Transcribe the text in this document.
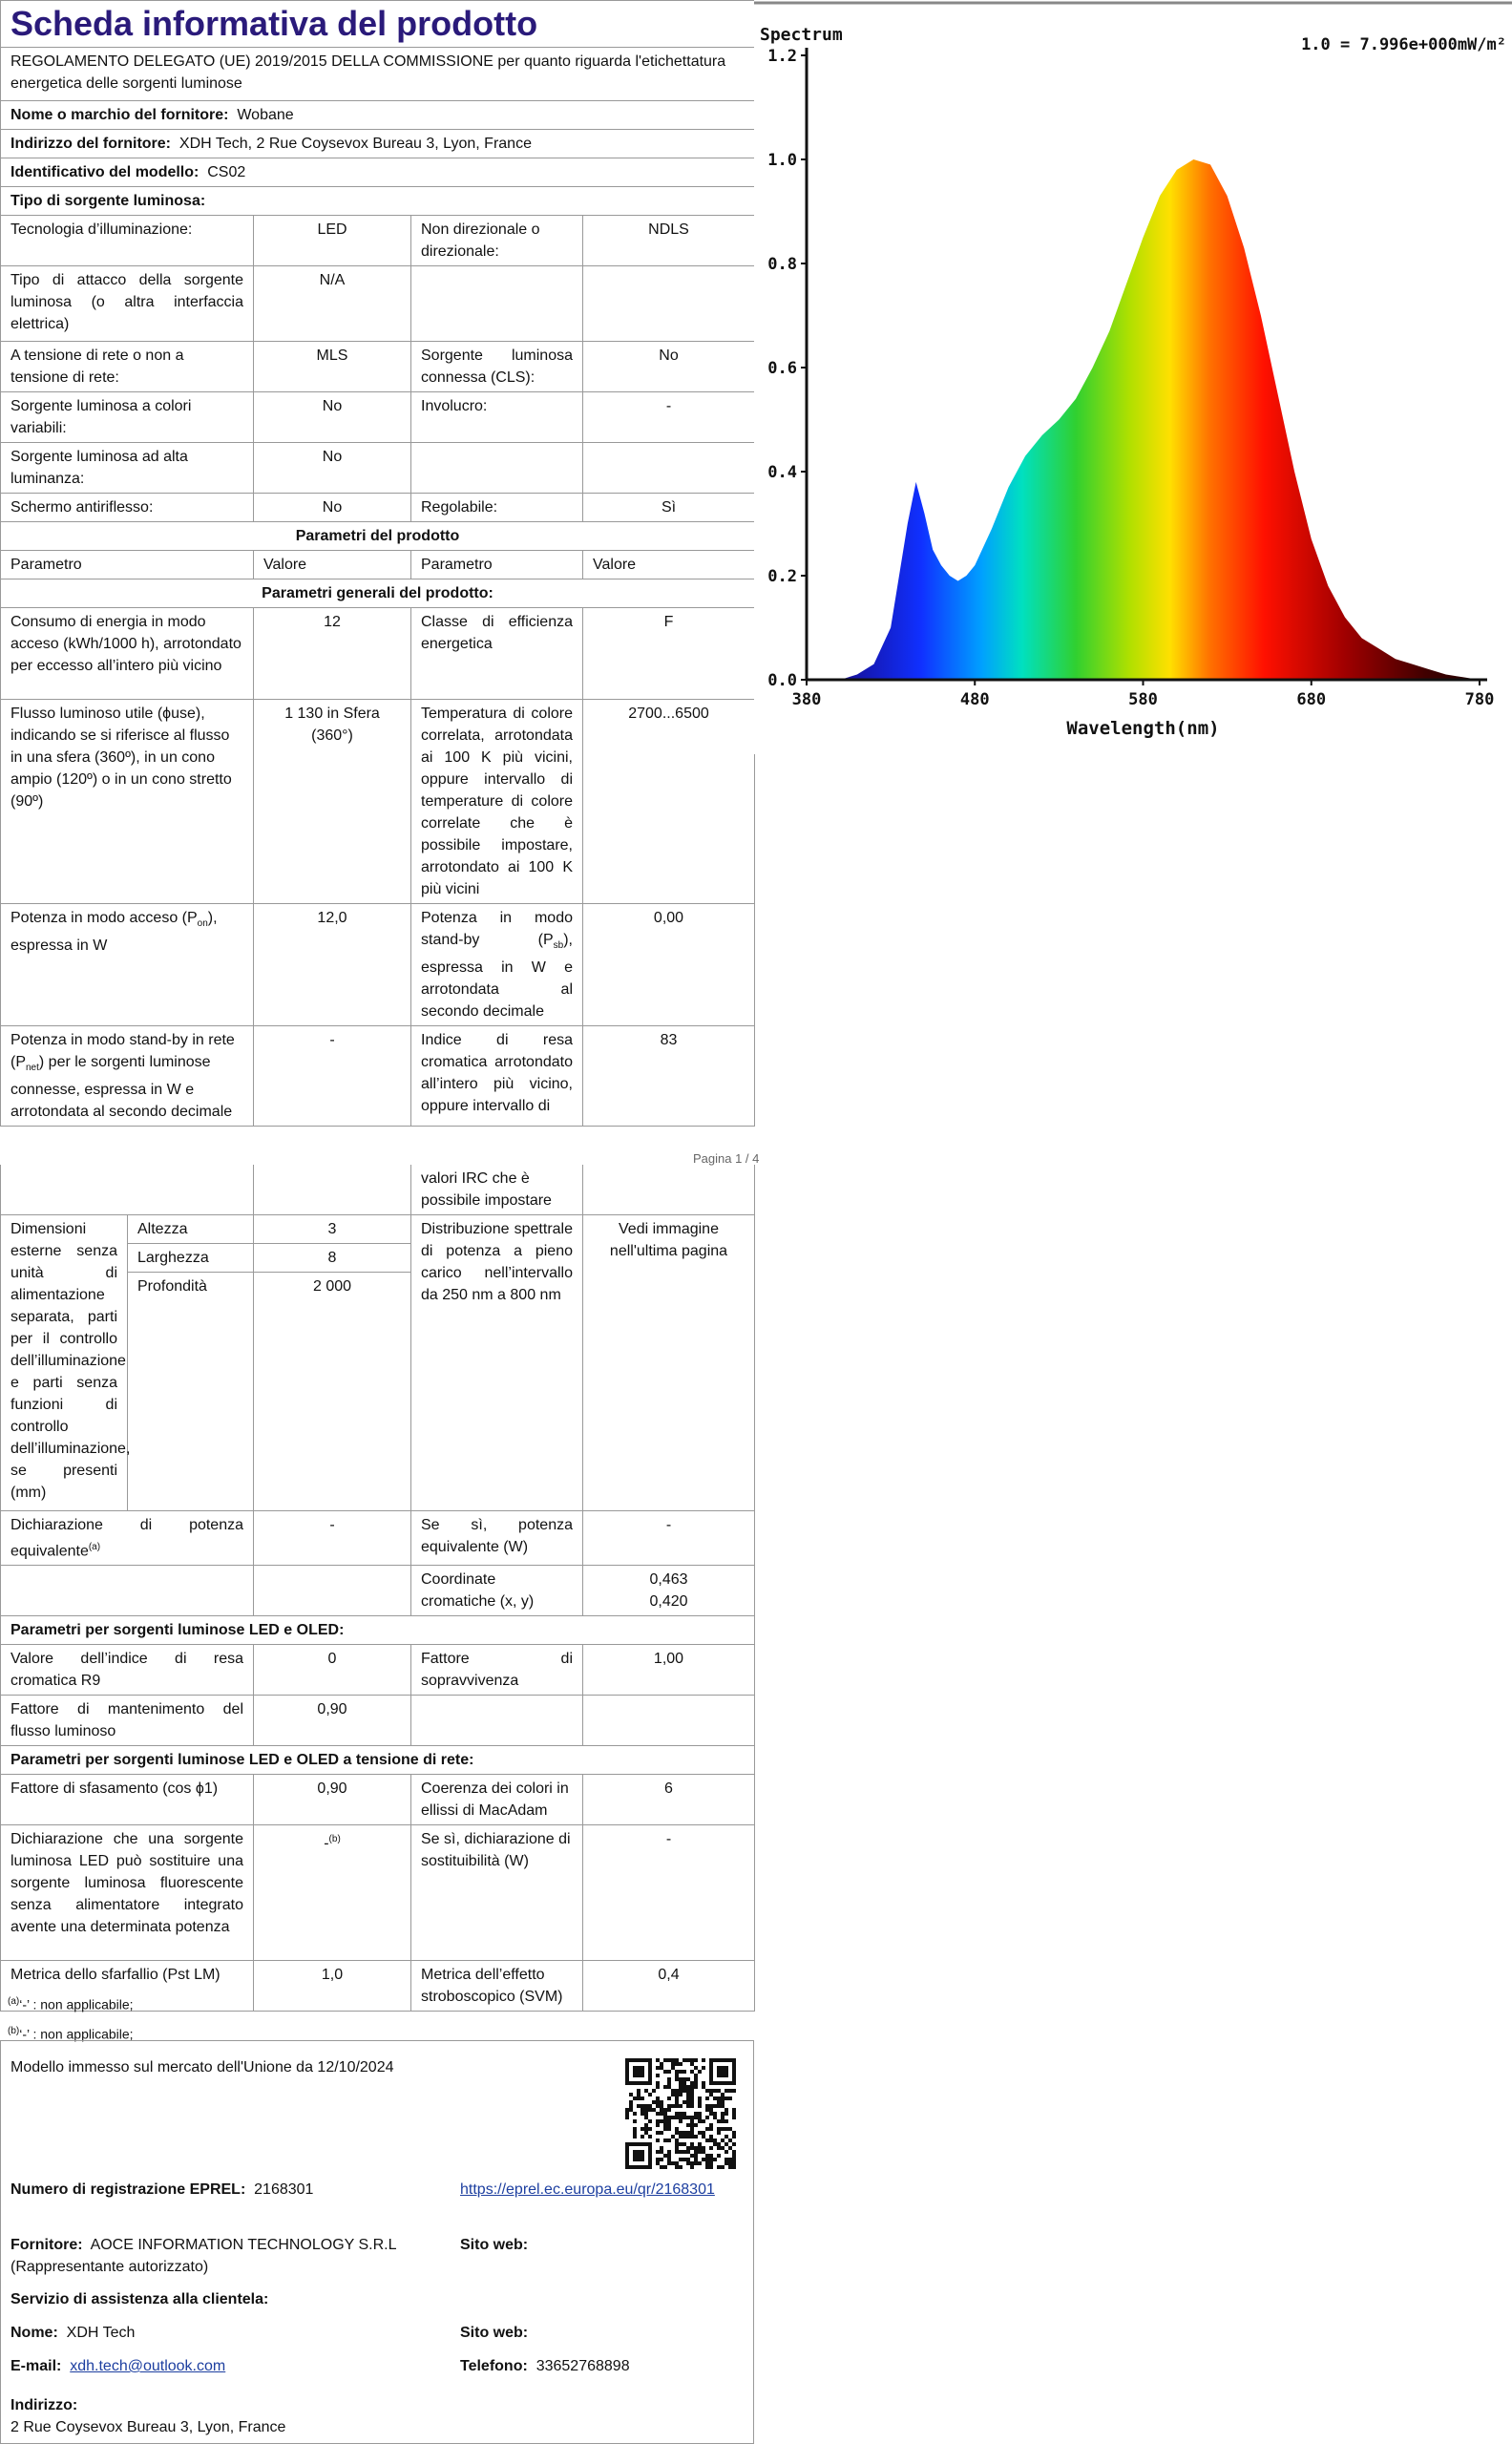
Scheda informativa del prodotto			
REGOLAMENTO DELEGATO (UE) 2019/2015 DELLA COMMISSIONE per quanto riguarda l'etichettatura energetica delle sorgenti luminose			
Nome o marchio del fornitore: Wobane			
Indirizzo del fornitore: XDH Tech, 2 Rue Coysevox Bureau 3, Lyon, France			
Identificativo del modello: CS02			
Tipo di sorgente luminosa:			
Tecnologia d’illuminazione:	LED	Non direzionale o direzionale:	NDLS
Tipo di attacco della sorgente luminosa (o altra interfaccia elettrica)	N/A		
A tensione di rete o non a tensione di rete:	MLS	Sorgente luminosa connessa (CLS):	No
Sorgente luminosa a colori variabili:	No	Involucro:	-
Sorgente luminosa ad alta luminanza:	No		
Schermo antiriflesso:	No	Regolabile:	Sì
Parametri del prodotto			
Parametro	Valore	Parametro	Valore
Parametri generali del prodotto:			
Consumo di energia in modo acceso (kWh/1000 h), arrotondato per eccesso all’intero più vicino	12	Classe di efficienza energetica	F
Flusso luminoso utile (ϕuse), indicando se si riferisce al flusso in una sfera (360º), in un cono ampio (120º) o in un cono stretto (90º)	1 130 in Sfera (360°)	Temperatura di colore correlata, arrotondata ai 100 K più vicini, oppure intervallo di temperature di colore correlate che è possibile impostare, arrotondato ai 100 K più vicini	2700...6500
Potenza in modo acceso $(P_{on})$, espressa in W	12,0	Potenza in modo stand-by $(P_{sb})$, espressa in W e arrotondata al secondo decimale	0,00
Potenza in modo stand-by in rete $(P_{net})$ per le sorgenti luminose connesse, espressa in W e arrotondata al secondo decimale	-	Indice di resa cromatica arrotondato all’intero più vicino, oppure intervallo di	83
0.0
0.2
0.4
0.6
0.8
1.0
1.2
380	480	580	680	780
Spectrum	1.0 = 7.996e+000mW/m²
Wavelength(nm)
Pagina 1 / 4
			valori IRC che è possibile impostare	
Dimensioni esterne senza unità di alimentazione separata, parti per il controllo dell’illuminazione e parti senza funzioni di controllo dell’illuminazione, se presenti (mm)	Altezza	3	Distribuzione spettrale di potenza a pieno carico nell’intervallo da 250 nm a 800 nm	Vedi immagine nell'ultima pagina
	Larghezza	8		
	Profondità	2 000		
Dichiarazione di potenza equivalente$^{(a)}$		-	Se sì, potenza equivalente (W)	-
			Coordinate cromatiche (x, y)	0,463
0,420

Parametri per sorgenti luminose LED e OLED:				
Valore dell’indice di resa cromatica R9		0	Fattore di sopravvivenza	1,00
Fattore di mantenimento del flusso luminoso		0,90		
Parametri per sorgenti luminose LED e OLED a tensione di rete:				
Fattore di sfasamento (cos ϕ1)		0,90	Coerenza dei colori in ellissi di MacAdam	6
Dichiarazione che una sorgente luminosa LED può sostituire una sorgente luminosa fluorescente senza alimentatore integrato avente una determinata potenza		-$^{(b)}$	Se sì, dichiarazione di sostituibilità (W)	-
Metrica dello sfarfallio (Pst LM)		1,0	Metrica dell’effetto stroboscopico (SVM)	0,4
$^{(a)}$‘-’ : non applicabile;
$^{(b)}$‘-’ : non applicabile;
Modello immesso sul mercato dell'Unione da 12/10/2024
Numero di registrazione EPREL: 2168301	https://eprel.ec.europa.eu/qr/2168301
Fornitore: AOCE INFORMATION TECHNOLOGY S.R.L (Rappresentante autorizzato)
Sito web:
Servizio di assistenza alla clientela:
Nome: XDH Tech	Sito web:
E-mail: xdh.tech@outlook.com	Telefono: 33652768898
Indirizzo:
2 Rue Coysevox Bureau 3, Lyon, France
